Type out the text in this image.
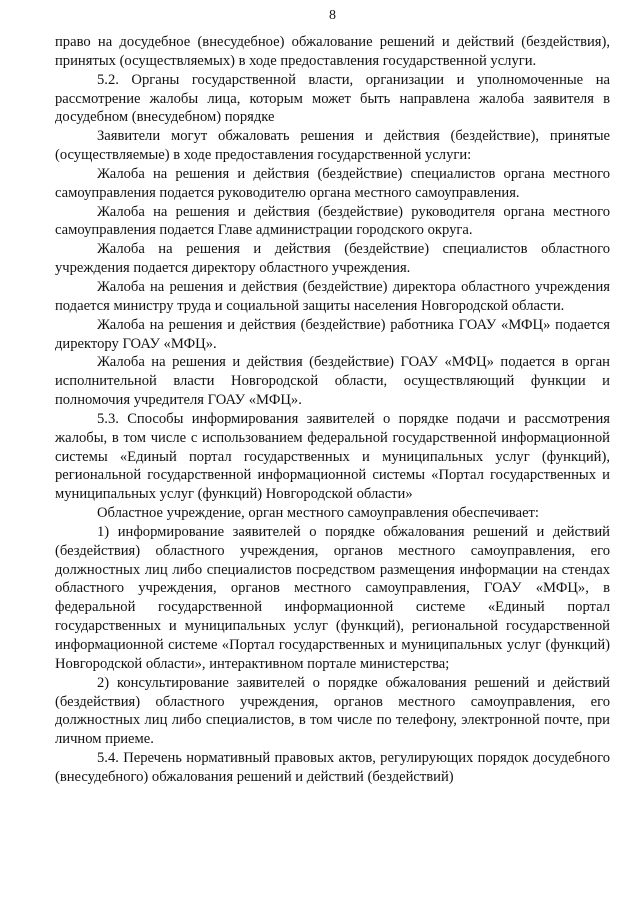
8

право на досудебное (внесудебное) обжалование решений и действий (бездействия), принятых (осуществляемых) в ходе предоставления государственной услуги.

5.2. Органы государственной власти, организации и уполномоченные на рассмотрение жалобы лица, которым может быть направлена жалоба заявителя в досудебном (внесудебном) порядке

Заявители могут обжаловать решения и действия (бездействие), принятые (осуществляемые) в ходе предоставления государственной услуги:

Жалоба на решения и действия (бездействие) специалистов органа местного самоуправления подается руководителю органа местного самоуправления.

Жалоба на решения и действия (бездействие) руководителя органа местного самоуправления подается Главе администрации городского округа.

Жалоба на решения и действия (бездействие) специалистов областного учреждения подается директору областного учреждения.

Жалоба на решения и действия (бездействие) директора областного учреждения подается министру труда и социальной защиты населения Новгородской области.

Жалоба на решения и действия (бездействие) работника ГОАУ «МФЦ» подается директору ГОАУ «МФЦ».

Жалоба на решения и действия (бездействие) ГОАУ «МФЦ» подается в орган исполнительной власти Новгородской области, осуществляющий функции и полномочия учредителя ГОАУ «МФЦ».

5.3. Способы информирования заявителей о порядке подачи и рассмотрения жалобы, в том числе с использованием федеральной государственной информационной системы «Единый портал государственных и муниципальных услуг (функций), региональной государственной информационной системы «Портал государственных и муниципальных услуг (функций) Новгородской области»

Областное учреждение, орган местного самоуправления обеспечивает:

1) информирование заявителей о порядке обжалования решений и действий (бездействия) областного учреждения, органов местного самоуправления, его должностных лиц либо специалистов посредством размещения информации на стендах областного учреждения, органов местного самоуправления, ГОАУ «МФЦ», в федеральной государственной информационной системе «Единый портал государственных и муниципальных услуг (функций), региональной государственной информационной системе «Портал государственных и муниципальных услуг (функций) Новгородской области», интерактивном портале министерства;

2) консультирование заявителей о порядке обжалования решений и действий (бездействия) областного учреждения, органов местного самоуправления, его должностных лиц либо специалистов, в том числе по телефону, электронной почте, при личном приеме.

5.4. Перечень нормативный правовых актов, регулирующих порядок досудебного (внесудебного) обжалования решений и действий (бездействий)
